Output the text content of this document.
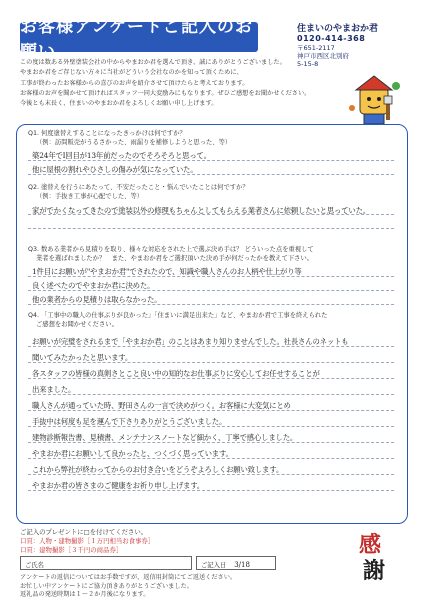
お客様アンケートご記入のお願い
住まいのやまおか君
0120-414-368
〒651-2117
神戸市西区北別府
5-15-8
この度は数ある外壁塗装会社の中からやまおか君を選んで頂き、誠にありがとうございました。
やまおか君をご存じない方々に当社がどういう会社なのかを知って頂くために、
工事が終わったお客様からの喜びのお声を紹介させて頂けたらと考えております。
お客様のお声を聞かせて頂ければスタッフ一同大変励みにもなります。ぜひご感想をお聞かせください。
今後とも末長く、住まいのやまおか君をよろしくお願い申し上げます。
Q1. 何度塗替えすることになったきっかけは何ですか？
（例：訪問販売がうるさかった、雨漏りを補修しようと思った、等）
築24年でⅠ回目が13年前だったのでそろそろと思って。
他に屋根の割れやひさしの傷みが気になっていた。
Q2. 塗替えを行うにあたって、不安だったこと・悩んでいたことは何ですか？
（例：手抜き工事が心配でした、等）
家がでかくなってきたので塗装以外の修理もちゃんとしてもらえる業者さんに依頼したいと思っていた。
Q3. 数ある業者から見積りを取り、様々な対応をされた上で選ぶ決め手は？ どういった点を重視して
業者を選ばれましたか？　また、やまおか君をご選択頂いた決め手が何だったかを教えて下さい。
1件目にお願いが"やまおか君"でされたので、知識や職人さんのお人柄や仕上がり等
良く述べたのでやまおか君に決めた。
他の業者からの見積りは取らなかった。
Q4. 「工事中の職人の仕事ぶりが良かった」「住まいに満足出来た」など、やまおか君で工事を終えられた
ご感想をお聞かせください。
お願いが完璧をされるまで「やまおか君」のことはあまり知りませんでした。社長さんのネットも
聞いてみたかったと思います。
各スタッフの皆様の真剣さとこと良い中の知的なお仕事ぶりに安心してお任せすることが
出来ました。
職人さんが通っていた時、野田さんの一言で決めがつく。お客様に大変気にとめ
手抜中は何度も足を運んで下さりありがとうございました。
建物診断報告書、見積書、メンテナンスノートなど細かく、丁寧で感心しました。
やまおか君にお願いして良かったと、つくづく思っています。
これから弊社が終わってからのお付き合いをどうぞよろしくお願い致します。
やまおか君の皆さまのご健康をお祈り申し上げます。
ご記入のプレゼントに□を付けてください。
口頁：人物・建物撮影［１万円相当お食事券］
口頁：建物撮影［３千円の商品券］
ご氏名	ご記入日 3/18
アンケートの返信についてはお手数ですが、返信用封筒にてご返送ください。
お忙しい中アンケートにご協力頂きありがとうございました。
返礼品の発送時期は１～２か月後になります。
感
謝
